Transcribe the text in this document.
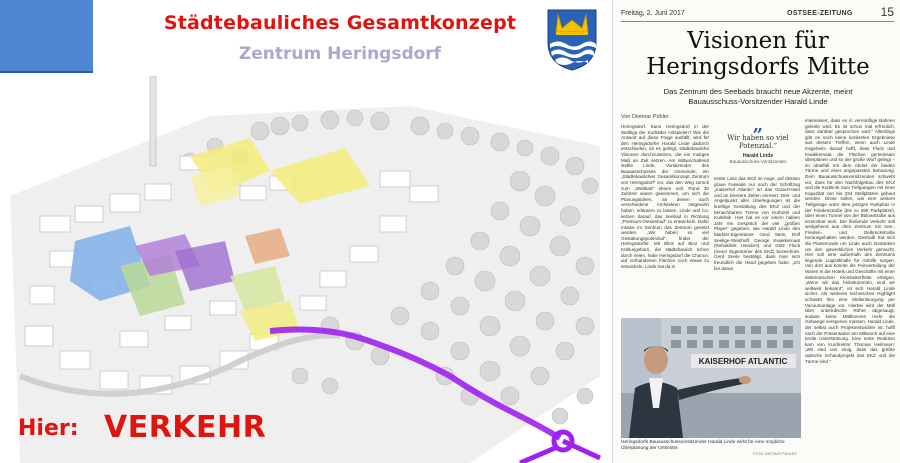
Städtebauliches Gesamtkonzept
Zentrum Heringsdorf
Hier: VERKEHR
Freitag, 2. Juni 2017	OSTSEE-ZEITUNG 15
Visionen für
Heringsdorfs Mitte
Das Zentrum des Seebads braucht neue Akzente, meint
Bauausschuss-Vorsitzender Harald Linde
Von Dietmar Pühler
Heringsdorf. Kann Heringsdorf in der Weltliga der Kurbäder mitspielen? Wie die Antwort auf diese Frage ausfällt, wird für den Heringsdorfer Harald Linde dadurch entschieden, ob es gelingt, städtebauliche Visionen durchzusetzen, die ein mutiges Maß an Zeit setzen. Am Mittwochabend stellte Linde, Vorsitzender des Bauausschusses der Gemeinde, ein „Städtebauliches Gesamtkonzept Zentrum von Heringsdorf“ vor, das den Weg zurück zum „Weltbad“ ebnen soll. Rund 30 Zuhörer waren gekommen, um sich die Planungsideen, an denen auch verschiedene Architekten mitgewirkt haben, erläutern zu lassen. Linde und Co. setzen darauf, das Seebad in Richtung „Premium-Ostseebad“ zu entwickeln. Dafür müsse im Zentrum des Zentrum gesetzt werden. „Wir haben so viel Gestaltungspotenzial“, findet der Heringsdorfer. Mit Blick auf Binz und Kühlungsborn, die städtebaulich schon durch seien, habe Heringsdorf die Chance, auf vorhandenen Flächen noch etwas zu entwickeln. Linde hat da in
„
Wir haben so viel
Potenzial.“
Harald Linde
Bauausschuss-Vorsitzender
erster Linie das EKZ im Auge, auf dessen graue Fassade nur noch der Schriftzug „Kaiserhof Atlantic“ an das Grand-Hotel und an bessere Zeiten erinnert. Drei- und Angelpunkt aller Überlegungen ist die künftige Gestaltung des EKZ und der benachbarten Türme von Kurhotel und Kurklinik. Hier hat es vor einem halben Jahr ein Gespräch der vier „großen Player“ gegeben, wie Harald Linde den Marktin-Eigentümer Gerd Stein, Rolf Seelige-Steinhoff, George Kwakkernaat (Rehaklinik Usedom) und Götz Fluck (neuer Eigentümer des EKZ) bezeichnet. Gerd Seele bestätigt, dass man sich freundlich die Hand gegeben habe: „Ich bin daran
interessiert, dass es in vernünftige Bahnen gelenkt wird. Es ist schon mal erfreulich, dass darüber gesprochen wird.“ Allerdings gibt es noch keine konkreten Ergebnisse aus diesem Treffen, wenn auch Linde insgeheim darauf hofft, dass Fluck und Kwakkernaat die Flächen gemeinsam überplanen und so der große Wurf gelingt – im Idealfall mit dem Abriss der beiden Türme und einer angepassten Bebauung. Dem Bauausschussvorsitzenden schwebt vor, dass für den Nachfolgebau des EKZ und die Kurklinik zwei Tiefgaragen mit einer Kapazität von bis 334 Stellplätzen gebaut werden. Diese sollen, wie eine weitere Tiefgarage unter dem jetzigen Parkplatz in der Friedenstraße (bis zu 398 Parkplätze), über einen Tunnel von der Bülowstraße aus erreichbar sein. Der fließende Verkehr soll weitgehend aus dem Zentrum mit See-, Frieden- und Delbrückstraße herausgehalten werden. Deshalb hat sich die Planerrunde um Linde auch Gedanken um den gewerblichen Verkehr gemacht. Hier soll eine außerhalb des Zentrums liegende Logistikhalle für Abhilfe sorgen. Von dort aus könnte die Feinverteilung der Waren in die Hotels und Geschäfte mit einer elektronischen Kleinlasterflotte erfolgen. „Wenn wir das hinbekommen, sind wir weltweit bekannt“, ist sich Harald Linde sicher. Als weiteres technisches Highlight schwebt ihm eine Müllentsorgung per Vacuumanlage vor. Hierbei wird der Müll über unterirdische Röhre abgesaugt, sodass keine Müllkonnen mehr die Gehwege verspenen müssen. Harald Linde, der selbst auch Projektentwickler ist, hofft nach der Präsentation am Mittwoch auf eine breite Unterstützung. Eine erste Reaktion kam von Kurdirektor Thomas Heilmann: „Wir sind uns einig, dass das größte optische Schandprojekt das EKZ und die Türme sind.“
KAISERHOF ATLANTIC
Heringsdorfs Bauausschussvorsitzender Harald Linde wirbt für eine mögliche Überplanung der Ortsmitte.
FOTO: DIETMAR PÜHLER
